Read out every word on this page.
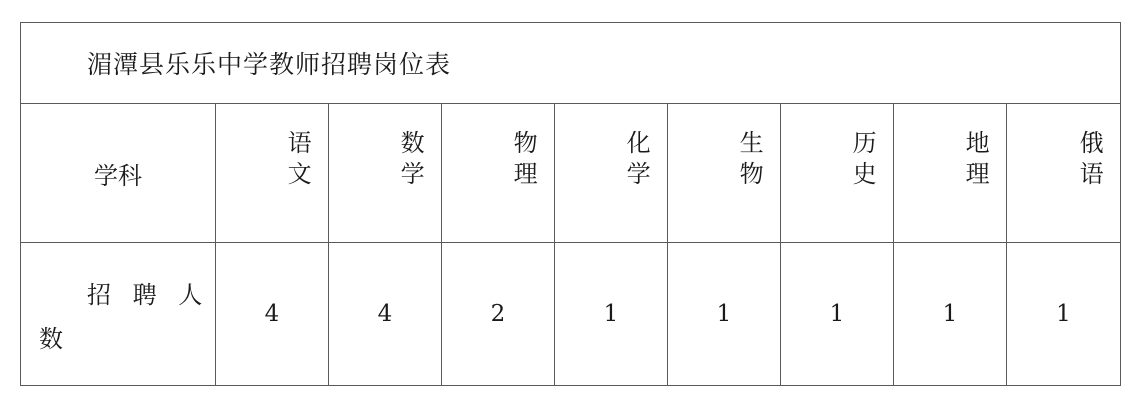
湄潭县乐乐中学教师招聘岗位表								
学科	语文	数学	物理	化学	生物	历史	地理	俄语

招 聘 人
数	4	4	2	1	1	1	1	1
